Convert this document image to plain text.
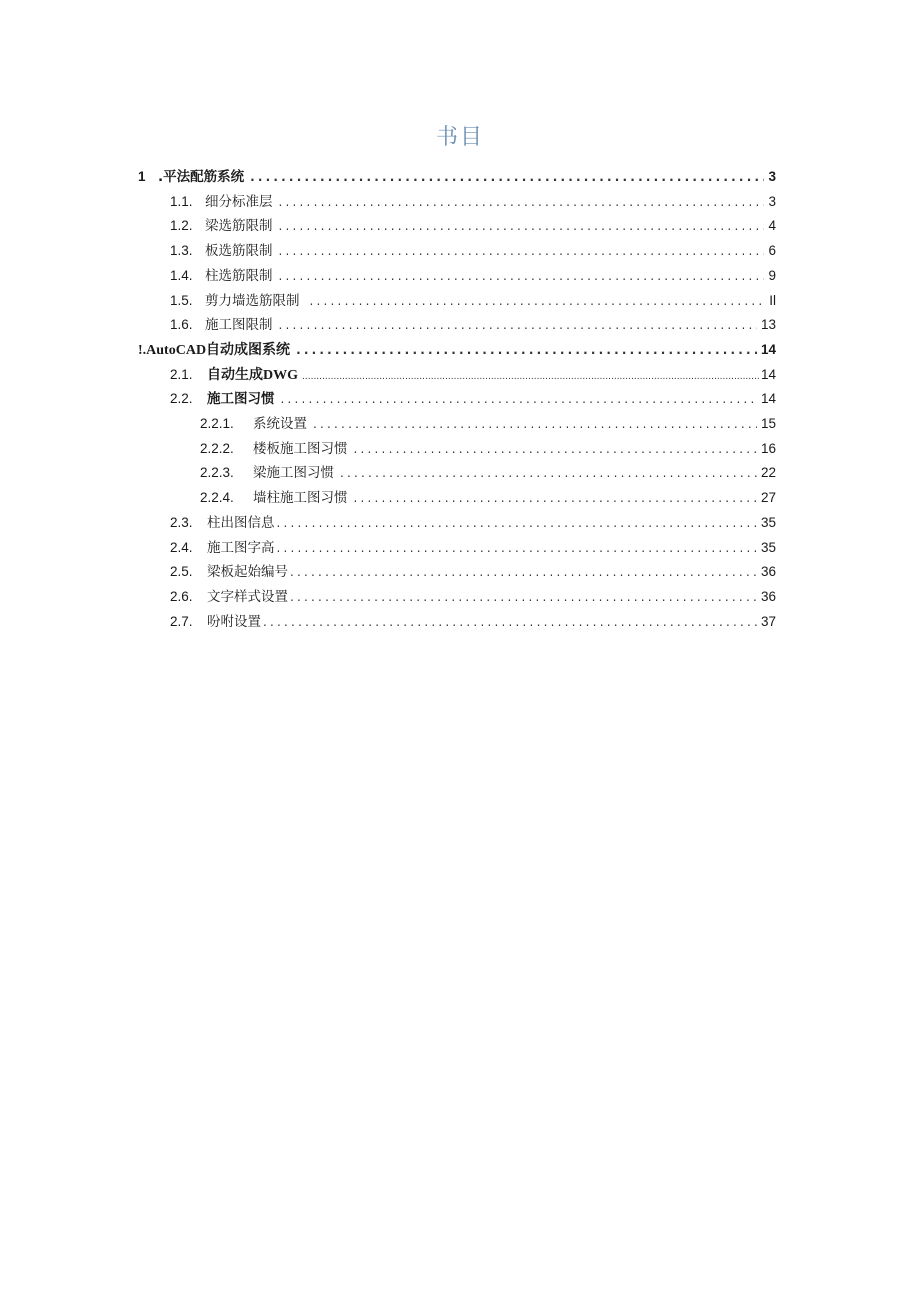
书目
1 .平法配筋系统 .....	3
1.1. 细分标准层 .....	3
1.2. 梁选筋限制 .....	4
1.3. 板选筋限制 .....	6
1.4. 柱选筋限制 .....	9
1.5. 剪力墙选筋限制 .....	Il
1.6. 施工图限制 .....	13
!.AutoCAD自动成图系统 .....	14
2.1.	自动生成DWG .....	14
2.2.	施工图习惯 .....	14
2.2.1.	系统设置 .....	15
2.2.2.	楼板施工图习惯 .....	16
2.2.3.	梁施工图习惯 .....	22
2.2.4.	墙柱施工图习惯 .....	27
2.3.	柱出图信息 .....	35
2.4.	施工图字高 .....	35
2.5.	梁板起始编号 .....	36
2.6.	文字样式设置 .....	36
2.7.	吩咐设置 .....	37
